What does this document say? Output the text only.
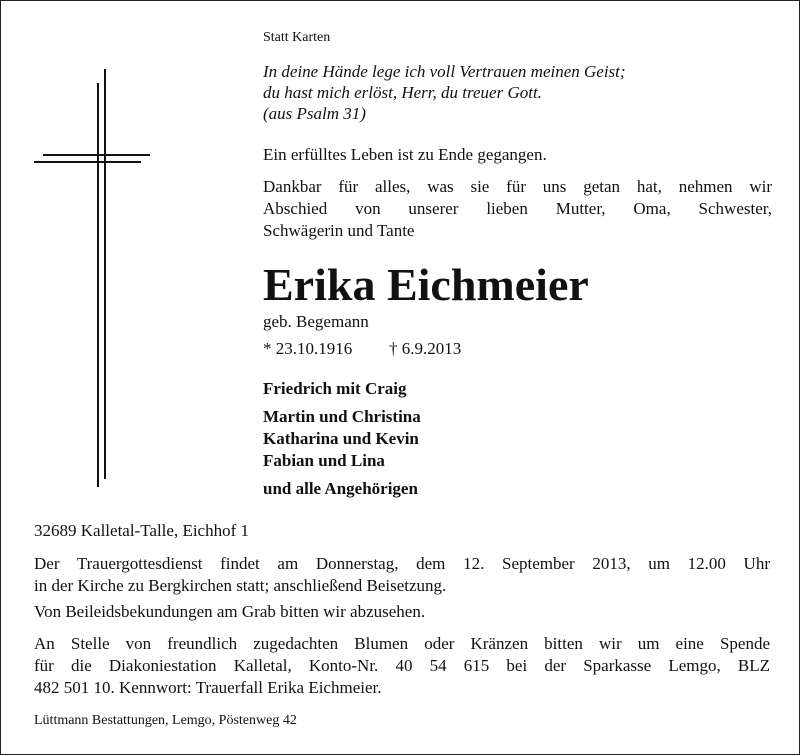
Statt Karten
In deine Hände lege ich voll Vertrauen meinen Geist;
du hast mich erlöst, Herr, du treuer Gott.
(aus Psalm 31)
Ein erfülltes Leben ist zu Ende gegangen.
Dankbar für alles, was sie für uns getan hat, nehmen wir
Abschied von unserer lieben Mutter, Oma, Schwester,
Schwägerin und Tante
Erika Eichmeier
geb. Begemann
* 23.10.1916 † 6.9.2013
Friedrich mit Craig
Martin und Christina
Katharina und Kevin
Fabian und Lina
und alle Angehörigen
32689 Kalletal-Talle, Eichhof 1
Der Trauergottesdienst findet am Donnerstag, dem 12. September 2013, um 12.00 Uhr
in der Kirche zu Bergkirchen statt; anschließend Beisetzung.
Von Beileidsbekundungen am Grab bitten wir abzusehen.
An Stelle von freundlich zugedachten Blumen oder Kränzen bitten wir um eine Spende
für die Diakoniestation Kalletal, Konto-Nr. 40 54 615 bei der Sparkasse Lemgo, BLZ
482 501 10. Kennwort: Trauerfall Erika Eichmeier.
Lüttmann Bestattungen, Lemgo, Pöstenweg 42
